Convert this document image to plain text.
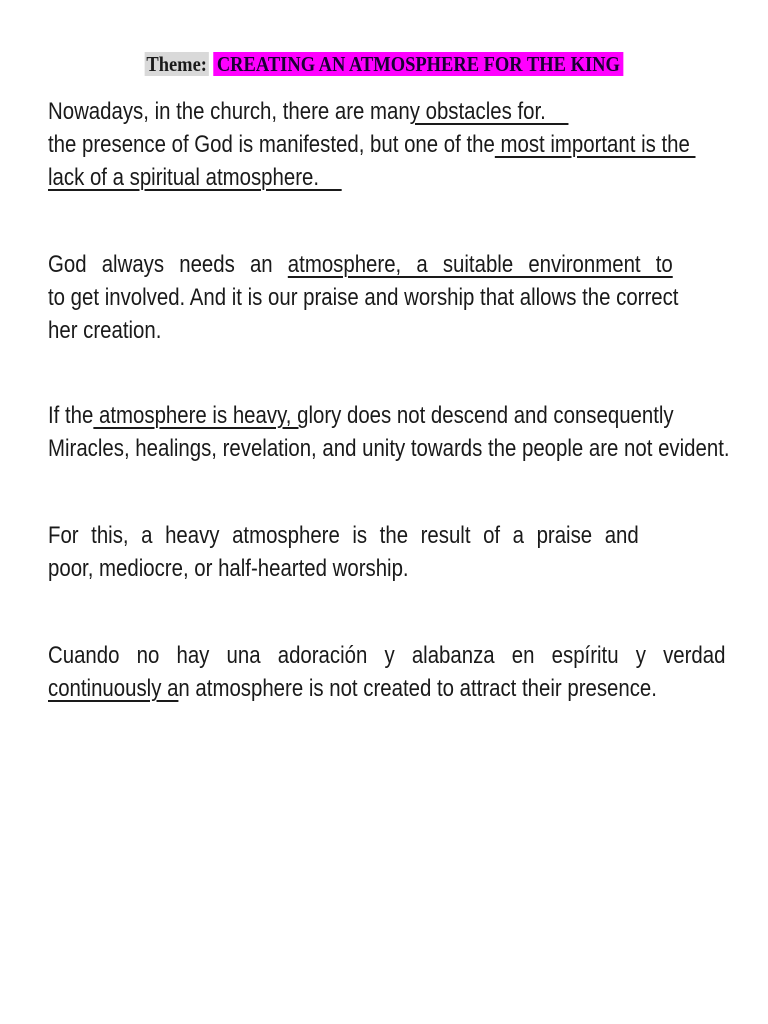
Theme: CREATING AN ATMOSPHERE FOR THE KING
Nowadays, in the church, there are many obstacles for.
the presence of God is manifested, but one of the most important is the
lack of a spiritual atmosphere.
God always needs an atmosphere, a suitable environment to
to get involved. And it is our praise and worship that allows the correct
her creation.
If the atmosphere is heavy, glory does not descend and consequently
Miracles, healings, revelation, and unity towards the people are not evident.
For this, a heavy atmosphere is the result of a praise and
poor, mediocre, or half-hearted worship.
Cuando no hay una adoración y alabanza en espíritu y verdad
continuously an atmosphere is not created to attract their presence.
